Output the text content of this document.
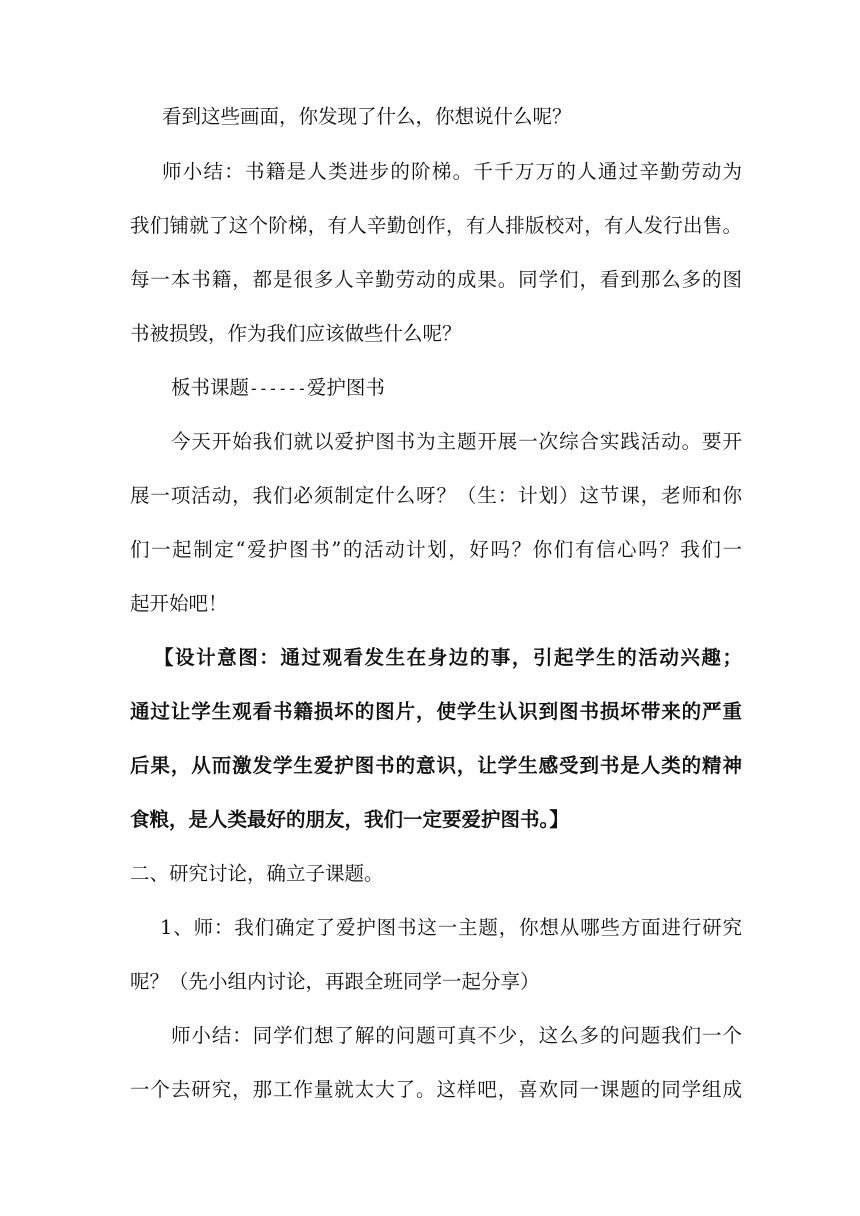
看到这些画面，你发现了什么，你想说什么呢？
师小结：书籍是人类进步的阶梯。千千万万的人通过辛勤劳动为
我们铺就了这个阶梯，有人辛勤创作，有人排版校对，有人发行出售。
每一本书籍，都是很多人辛勤劳动的成果。同学们，看到那么多的图
书被损毁，作为我们应该做些什么呢？
板书课题------爱护图书
今天开始我们就以爱护图书为主题开展一次综合实践活动。要开
展一项活动，我们必须制定什么呀？（生：计划）这节课，老师和你
们一起制定“爱护图书”的活动计划，好吗？你们有信心吗？我们一
起开始吧！
【设计意图：通过观看发生在身边的事，引起学生的活动兴趣；
通过让学生观看书籍损坏的图片，使学生认识到图书损坏带来的严重
后果，从而激发学生爱护图书的意识，让学生感受到书是人类的精神
食粮，是人类最好的朋友，我们一定要爱护图书。】
二、研究讨论，确立子课题。
1、师：我们确定了爱护图书这一主题，你想从哪些方面进行研究
呢？（先小组内讨论，再跟全班同学一起分享）
师小结：同学们想了解的问题可真不少，这么多的问题我们一个
一个去研究，那工作量就太大了。这样吧，喜欢同一课题的同学组成
